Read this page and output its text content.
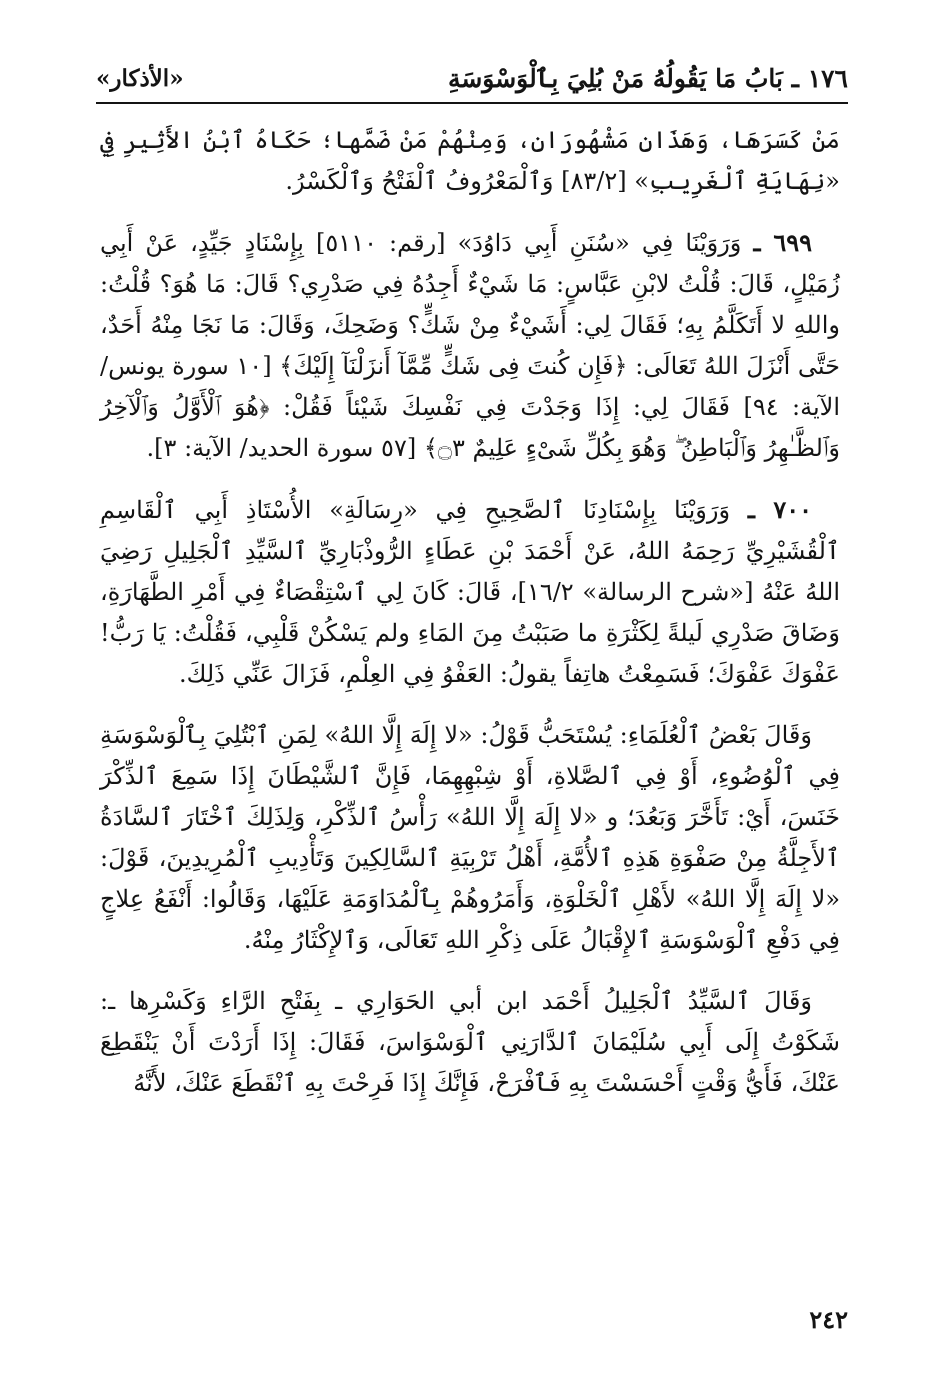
١٧٦ ـ بَابُ مَا يَقُولُهُ مَنْ بُلِيَ بِٱلْوَسْوَسَةِ
«الأذكار»

مَنْ كَسَرَهَا، وَهَذَانِ مَشْهُورَانِ، وَمِنْهُمْ مَنْ ضَمَّها؛ حَكَاهُ ٱبْنُ الأَثِيرِ فِي «نِهَايَةِ ٱلْغَرِيبِ» [٨٣/٢] وَٱلْمَعْرُوفُ ٱلْفَتْحُ وَٱلْكَسْرُ.

٦٩٩ ـ وَرَوَيْنَا فِي «سُنَنِ أَبِي دَاوُدَ» [رقم: ٥١١٠] بِإِسْنَادٍ جَيِّدٍ، عَنْ أَبِي زُمَيْلٍ، قَالَ: قُلْتُ لابْنِ عَبَّاسٍ: مَا شَيْءٌ أَجِدُهُ فِي صَدْرِي؟ قَالَ: مَا هُوَ؟ قُلْتُ: واللهِ لا أَتَكَلَّمُ بِهِ؛ فَقَالَ لِي: أَشَيْءٌ مِنْ شَكٍّ؟ وَضَحِكَ، وَقَالَ: مَا نَجَا مِنْهُ أَحَدٌ، حَتَّى أَنْزَلَ اللهُ تَعَالَى: ﴿فَإِن كُنتَ فِى شَكٍّ مِّمَّآ أَنزَلْنَآ إِلَيْكَ﴾ [١٠ سورة يونس/ الآية: ٩٤] فَقَالَ لِي: إِذَا وَجَدْتَ فِي نَفْسِكَ شَيْئاً فَقُلْ: ﴿هُوَ ٱلْأَوَّلُ وَٱلْآخِرُ وَٱلظَّـٰهِرُ وَٱلْبَاطِنُ ۖ وَهُوَ بِكُلِّ شَىْءٍ عَلِيمٌ ۝٣﴾ [٥٧ سورة الحديد/ الآية: ٣].

٧٠٠ ـ وَرَوَيْنَا بِإِسْنَادِنَا ٱلصَّحِيحِ فِي «رِسَالَةِ» الأُسْتَاذِ أَبِي ٱلْقَاسِمِ ٱلْقُشَيْرِيِّ رَحِمَهُ اللهُ، عَنْ أَحْمَدَ بْنِ عَطَاءٍ الرُّوذْبَارِيِّ ٱلسَّيِّدِ ٱلْجَلِيلِ رَضِيَ اللهُ عَنْهُ [«شرح الرسالة» ١٦/٢]، قَالَ: كَانَ لِي ٱسْتِقْصَاءٌ فِي أَمْرِ الطَّهَارَةِ، وَضَاقَ صَدْرِي لَيلةً لِكَثْرَةِ ما صَبَبْتُ مِنَ المَاءِ ولم يَسْكُنْ قَلْبِي، فَقُلْتُ: يَا رَبُّ! عَفْوَكَ عَفْوَكَ؛ فَسَمِعْتُ هاتِفاً يقولُ: العَفْوُ فِي العِلْمِ، فَزَالَ عَنِّي ذَلِكَ.

وَقَالَ بَعْضُ ٱلْعُلَمَاءِ: يُسْتَحَبُّ قَوْلُ: «لا إِلَهَ إِلَّا اللهُ» لِمَنِ ٱبْتُلِيَ بِٱلْوَسْوَسَةِ فِي ٱلْوُضُوءِ، أَوْ فِي ٱلصَّلاةِ، أَوْ شِبْهِهِمَا، فَإِنَّ ٱلشَّيْطَانَ إِذَا سَمِعَ ٱلذِّكْرَ خَنَسَ، أَيْ: تَأَخَّرَ وَبَعُدَ؛ و «لا إِلَهَ إِلَّا اللهُ» رَأْسُ ٱلذِّكْرِ، وَلِذَلِكَ ٱخْتَارَ ٱلسَّادَةُ ٱلأَجِلَّةُ مِنْ صَفْوَةِ هَذِهِ ٱلأُمَّةِ، أَهْلُ تَرْبِيَةِ ٱلسَّالِكِينَ وَتَأْدِيبِ ٱلْمُرِيدِينَ، قَوْلَ: «لا إِلَهَ إِلَّا اللهُ» لأَهْلِ ٱلْخَلْوَةِ، وَأَمَرُوهُمْ بِٱلْمُدَاوَمَةِ عَلَيْهَا، وَقَالُوا: أَنْفَعُ عِلاجٍ فِي دَفْعِ ٱلْوَسْوَسَةِ ٱلإِقْبَالُ عَلَى ذِكْرِ اللهِ تَعَالَى، وَٱلإِكْثَارُ مِنْهُ.

وَقَالَ ٱلسَّيِّدُ ٱلْجَلِيلُ أَحْمَد ابن أبي الحَوَارِي ـ بِفَتْحِ الرَّاءِ وَكَسْرِها ـ: شَكَوْتُ إِلَى أَبِي سُلَيْمَانَ ٱلدَّارَنِي ٱلْوَسْوَاسَ، فَقَالَ: إِذَا أَرَدْتَ أَنْ يَنْقَطِعَ عَنْكَ، فَأَيُّ وَقْتٍ أَحْسَسْتَ بِهِ فَٱفْرَحْ، فَإِنَّكَ إِذَا فَرِحْتَ بِهِ ٱنْقَطَعَ عَنْكَ، لأَنَّهُ

٢٤٢
